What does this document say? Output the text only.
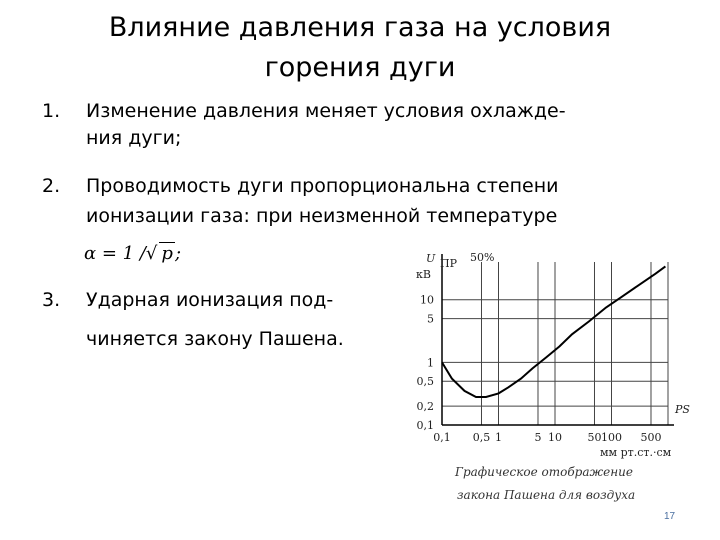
Влияние давления газа на условия
горения дуги
1. Изменение давления меняет условия охлажде-
ния дуги;
2. Проводимость дуги пропорциональна степени
ионизации газа: при неизменной температуре
α = 1 /√ p ;
3. Ударная ионизация под-
чиняется закону Пашена.
10
5
1
0,5
0,2
0,1
0,1 0,5 1	5 10 50 100 500
U ПР 50%
кВ
PS
мм рт.ст.·см
Графическое отображение
закона Пашена для воздуха
17
